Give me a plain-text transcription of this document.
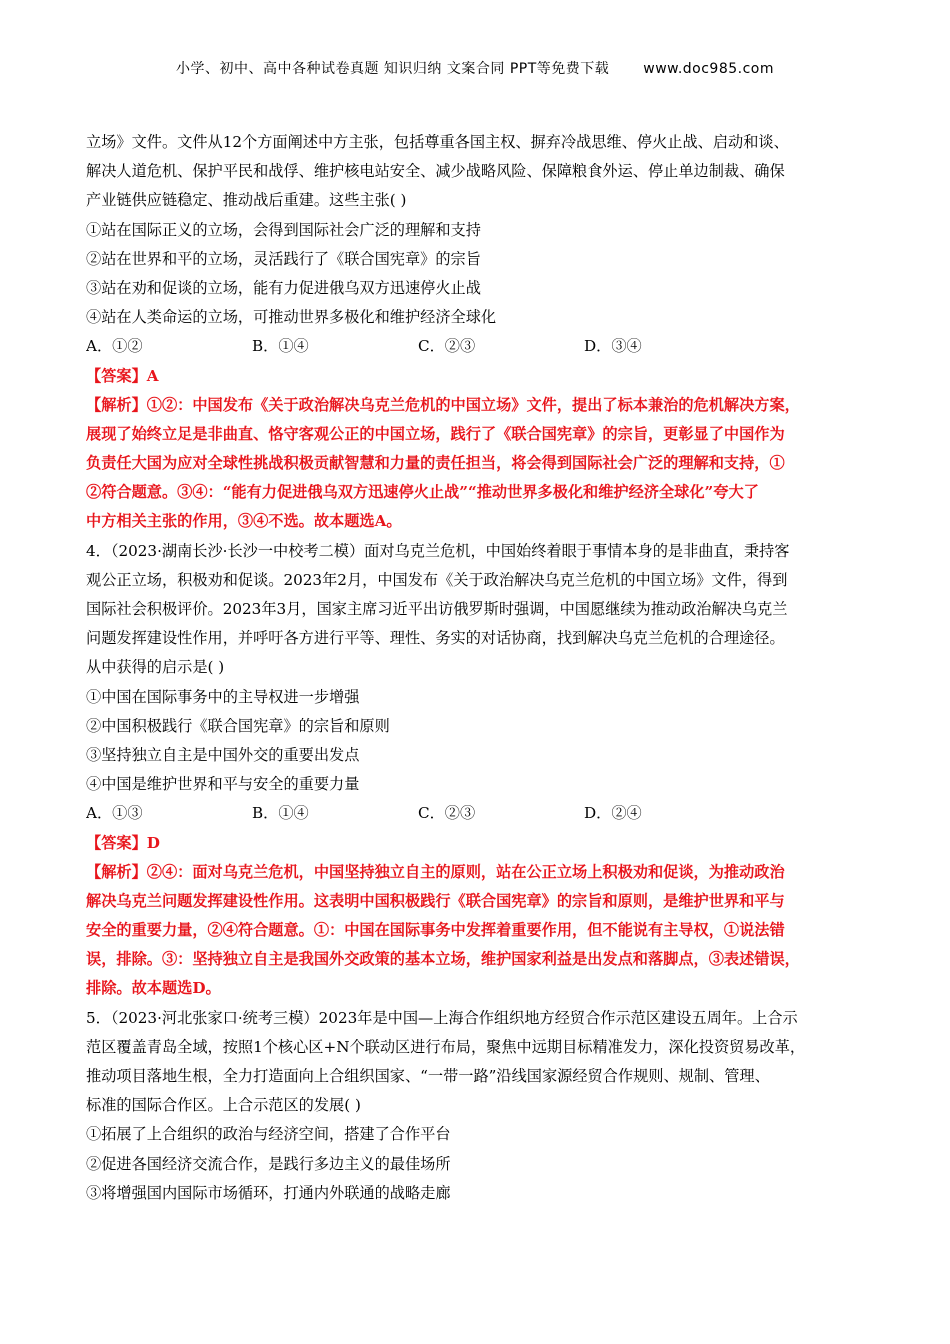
小学、初中、高中各种试卷真题 知识归纳 文案合同 PPT等免费下载 www.doc985.com
立场》文件。文件从12个方面阐述中方主张，包括尊重各国主权、摒弃冷战思维、停火止战、启动和谈、
解决人道危机、保护平民和战俘、维护核电站安全、减少战略风险、保障粮食外运、停止单边制裁、确保
产业链供应链稳定、推动战后重建。这些主张( )
①站在国际正义的立场，会得到国际社会广泛的理解和支持
②站在世界和平的立场，灵活践行了《联合国宪章》的宗旨
③站在劝和促谈的立场，能有力促进俄乌双方迅速停火止战
④站在人类命运的立场，可推动世界多极化和维护经济全球化
A．①②	B．①④	C．②③	D．③④
【答案】A
【解析】①②：中国发布《关于政治解决乌克兰危机的中国立场》文件，提出了标本兼治的危机解决方案，
展现了始终立足是非曲直、恪守客观公正的中国立场，践行了《联合国宪章》的宗旨，更彰显了中国作为
负责任大国为应对全球性挑战积极贡献智慧和力量的责任担当，将会得到国际社会广泛的理解和支持，①
②符合题意。③④：“能有力促进俄乌双方迅速停火止战”“推动世界多极化和维护经济全球化”夸大了
中方相关主张的作用，③④不选。故本题选A。
4．（2023·湖南长沙·长沙一中校考二模）面对乌克兰危机，中国始终着眼于事情本身的是非曲直，秉持客
观公正立场，积极劝和促谈。2023年2月，中国发布《关于政治解决乌克兰危机的中国立场》文件，得到
国际社会积极评价。2023年3月，国家主席习近平出访俄罗斯时强调，中国愿继续为推动政治解决乌克兰
问题发挥建设性作用，并呼吁各方进行平等、理性、务实的对话协商，找到解决乌克兰危机的合理途径。
从中获得的启示是( )
①中国在国际事务中的主导权进一步增强
②中国积极践行《联合国宪章》的宗旨和原则
③坚持独立自主是中国外交的重要出发点
④中国是维护世界和平与安全的重要力量
A．①③	B．①④	C．②③	D．②④
【答案】D
【解析】②④：面对乌克兰危机，中国坚持独立自主的原则，站在公正立场上积极劝和促谈，为推动政治
解决乌克兰问题发挥建设性作用。这表明中国积极践行《联合国宪章》的宗旨和原则，是维护世界和平与
安全的重要力量，②④符合题意。①：中国在国际事务中发挥着重要作用，但不能说有主导权，①说法错
误，排除。③：坚持独立自主是我国外交政策的基本立场，维护国家利益是出发点和落脚点，③表述错误，
排除。故本题选D。
5．（2023·河北张家口·统考三模）2023年是中国—上海合作组织地方经贸合作示范区建设五周年。上合示
范区覆盖青岛全域，按照1个核心区+N个联动区进行布局，聚焦中远期目标精准发力，深化投资贸易改革，
推动项目落地生根，全力打造面向上合组织国家、“一带一路”沿线国家源经贸合作规则、规制、管理、
标准的国际合作区。上合示范区的发展( )
①拓展了上合组织的政治与经济空间，搭建了合作平台
②促进各国经济交流合作，是践行多边主义的最佳场所
③将增强国内国际市场循环，打通内外联通的战略走廊
